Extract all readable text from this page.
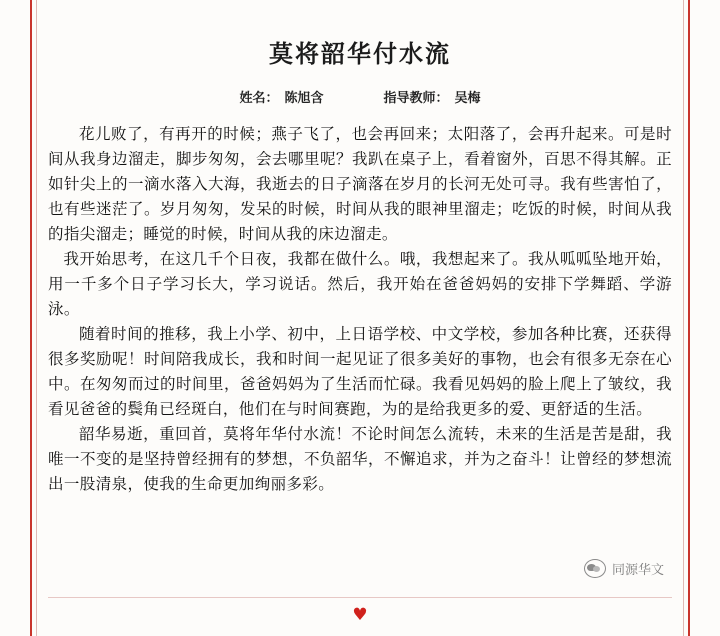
莫将韶华付水流
姓名： 陈旭含	指导教师： 吴梅

花儿败了，有再开的时候；燕子飞了，也会再回来；太阳落了，会再升起来。可是时间从我身边溜走，脚步匆匆，会去哪里呢？我趴在桌子上，看着窗外，百思不得其解。正如针尖上的一滴水落入大海，我逝去的日子滴落在岁月的长河无处可寻。我有些害怕了，也有些迷茫了。岁月匆匆，发呆的时候，时间从我的眼神里溜走；吃饭的时候，时间从我的指尖溜走；睡觉的时候，时间从我的床边溜走。

我开始思考，在这几千个日夜，我都在做什么。哦，我想起来了。我从呱呱坠地开始，用一千多个日子学习长大，学习说话。然后，我开始在爸爸妈妈的安排下学舞蹈、学游泳。

随着时间的推移，我上小学、初中，上日语学校、中文学校，参加各种比赛，还获得很多奖励呢！时间陪我成长，我和时间一起见证了很多美好的事物，也会有很多无奈在心中。在匆匆而过的时间里，爸爸妈妈为了生活而忙碌。我看见妈妈的脸上爬上了皱纹，我看见爸爸的鬓角已经斑白，他们在与时间赛跑，为的是给我更多的爱、更舒适的生活。

韶华易逝，重回首，莫将年华付水流！不论时间怎么流转，未来的生活是苦是甜，我唯一不变的是坚持曾经拥有的梦想，不负韶华，不懈追求，并为之奋斗！让曾经的梦想流出一股清泉，使我的生命更加绚丽多彩。

同源华文
♥
